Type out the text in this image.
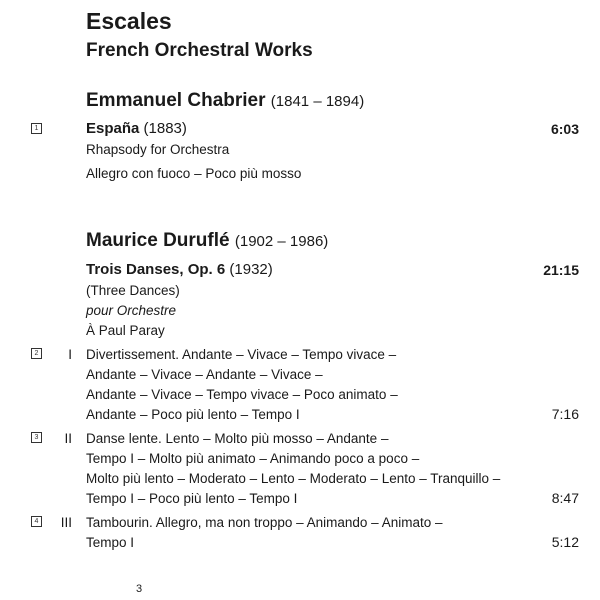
Escales
French Orchestral Works
Emmanuel Chabrier (1841 – 1894)
1	España (1883)	6:03
Rhapsody for Orchestra
Allegro con fuoco – Poco più mosso
Maurice Duruflé (1902 – 1986)
Trois Danses, Op. 6 (1932)	21:15
(Three Dances)
pour Orchestre
À Paul Paray
2	I Divertissement. Andante – Vivace – Tempo vivace –
Andante – Vivace – Andante – Vivace –
Andante – Vivace – Tempo vivace – Poco animato –
Andante – Poco più lento – Tempo I	7:16
3	II Danse lente. Lento – Molto più mosso – Andante –
Tempo I – Molto più animato – Animando poco a poco –
Molto più lento – Moderato – Lento – Moderato – Lento – Tranquillo –
Tempo I – Poco più lento – Tempo I	8:47
4	III Tambourin. Allegro, ma non troppo – Animando – Animato –
Tempo I	5:12
3
